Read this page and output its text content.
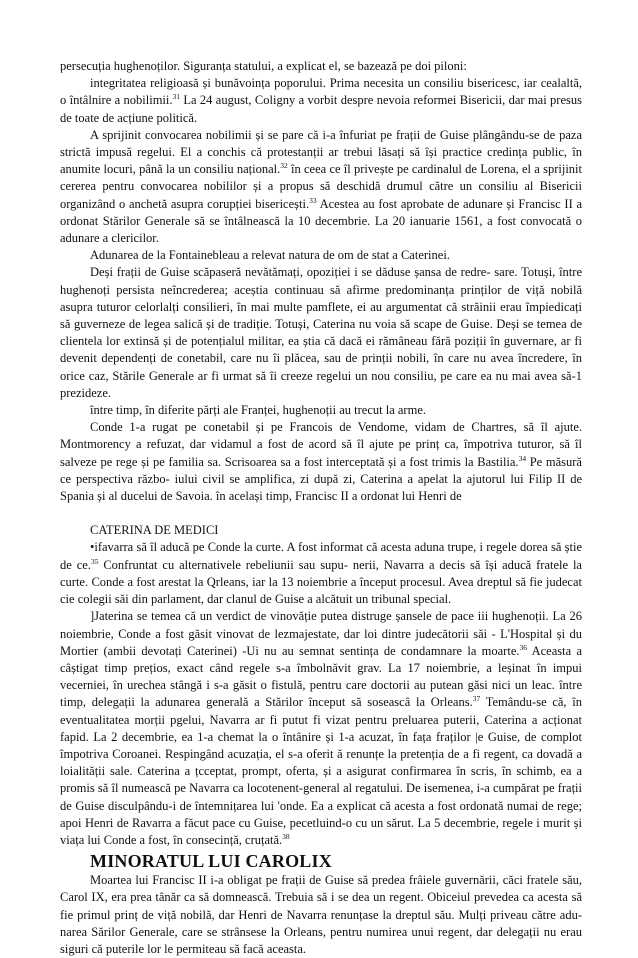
persecuția hughenoților. Siguranța statului, a explicat el, se bazează pe doi piloni:

integritatea religioasă și bunăvoința poporului. Prima necesita un consiliu bisericesc, iar cealaltă, o întâlnire a nobilimii.$^{31}$ La 24 august, Coligny a vorbit despre nevoia reformei Bisericii, dar mai presus de toate de acțiune politică.

A sprijinit convocarea nobilimii și se pare că i-a înfuriat pe frații de Guise plângându-se de paza strictă impusă regelui. El a conchis că protestanții ar trebui lăsați să își practice credința public, în anumite locuri, până la un consiliu național.$^{32}$ în ceea ce îl privește pe cardinalul de Lorena, el a sprijinit cererea pentru convocarea nobililor și a propus să deschidă drumul către un consiliu al Bisericii organizând o anchetă asupra corupției bisericești.$^{33}$ Acestea au fost aprobate de adunare și Francisc II a ordonat Stărilor Generale să se întâlnească la 10 decembrie. La 20 ianuarie 1561, a fost convocată o adunare a clericilor.

Adunarea de la Fontainebleau a relevat natura de om de stat a Caterinei.

Deși frații de Guise scăpaseră nevătămați, opoziției i se dăduse șansa de redre- sare. Totuși, între hughenoți persista neîncrederea; aceștia continuau să afirme predominanța prinților de viță nobilă asupra tuturor celorlalți consilieri, în mai multe pamflete, ei au argumentat că străinii erau împiedicați să guverneze de legea salică și de tradiție. Totuși, Caterina nu voia să scape de Guise. Deși se temea de clientela lor extinsă și de potențialul militar, ea știa că dacă ei rămâneau fără poziții în guvernare, ar fi devenit dependenți de conetabil, care nu îi plăcea, sau de prinții nobili, în care nu avea încredere, în orice caz, Stările Generale ar fi urmat să îi creeze regelui un nou consiliu, pe care ea nu mai avea să-1 prezideze.

între timp, în diferite părți ale Franței, hughenoții au trecut la arme.

Conde 1-a rugat pe conetabil și pe Francois de Vendome, vidam de Chartres, să îl ajute. Montmorency a refuzat, dar vidamul a fost de acord să îl ajute pe prinț ca, împotriva tuturor, să îl salveze pe rege și pe familia sa. Scrisoarea sa a fost interceptată și a fost trimis la Bastilia.$^{34}$ Pe măsură ce perspectiva războ- iului civil se amplifica, zi după zi, Caterina a apelat la ajutorul lui Filip II de Spania și al ducelui de Savoia. în același timp, Francisc II a ordonat lui Henri de

CATERINA DE MEDICI

•ifavarra să îl aducă pe Conde la curte. A fost informat că acesta aduna trupe, i regele dorea să știe de ce.$^{35}$ Confruntat cu alternativele rebeliunii sau supu- nerii, Navarra a decis să își aducă fratele la curte. Conde a fost arestat la Qrleans, iar la 13 noiembrie a început procesul. Avea dreptul să fie judecat cie colegii săi din parlament, dar clanul de Guise a alcătuit un tribunal special.

]Jaterina se temea că un verdict de vinovăție putea distruge șansele de pace iii hughenoții. La 26 noiembrie, Conde a fost găsit vinovat de lezmajestate, dar loi dintre judecătorii săi - L'Hospital și du Mortier (ambii devotați Caterinei) -Ui nu au semnat sentința de condamnare la moarte.$^{36}$ Aceasta a câștigat timp prețios, exact când regele s-a îmbolnăvit grav. La 17 noiembrie, a leșinat în impui vecerniei, în urechea stângă i s-a găsit o fistulă, pentru care doctorii au putean găsi nici un leac. între timp, delegații la adunarea generală a Stărilor început să soseascâ la Orleans.$^{37}$ Temându-se că, în eventualitatea morții pgelui, Navarra ar fi putut fi vizat pentru preluarea puterii, Caterina a acționat fapid. La 2 decembrie, ea 1-a chemat la o întânire și 1-a acuzat, în fața fraților |e Guise, de complot împotriva Coroanei. Respingând acuzația, el s-a oferit ă renunțe la pretenția de a fi regent, ca dovadă a loialității sale. Caterina a țcceptat, prompt, oferta, și a asigurat confirmarea în scris, în schimb, ea a promis să îl numească pe Navarra ca locotenent-general al regatului. De isemenea, i-a cumpărat pe frații de Guise disculpându-i de întemnițarea lui 'onde. Ea a explicat că acesta a fost ordonată numai de rege; apoi Henri de Ravarra a făcut pace cu Guise, pecetluind-o cu un sărut. La 5 decembrie, regele i murit și viața lui Conde a fost, în consecință, cruțată.$^{38}$

MINORATUL LUI CAROLIX

Moartea lui Francisc II i-a obligat pe frații de Guise să predea frâiele guvernării, căci fratele său, Carol IX, era prea tânăr ca să domnească. Trebuia să i se dea un regent. Obiceiul prevedea ca acesta să fie primul prinț de viță nobilă, dar Henri de Navarra renunțase la dreptul său. Mulți priveau către adu- narea Sărilor Generale, care se strânsese la Orleans, pentru numirea unui regent, dar delegații nu erau siguri că puterile lor le permiteau să facă aceasta.
